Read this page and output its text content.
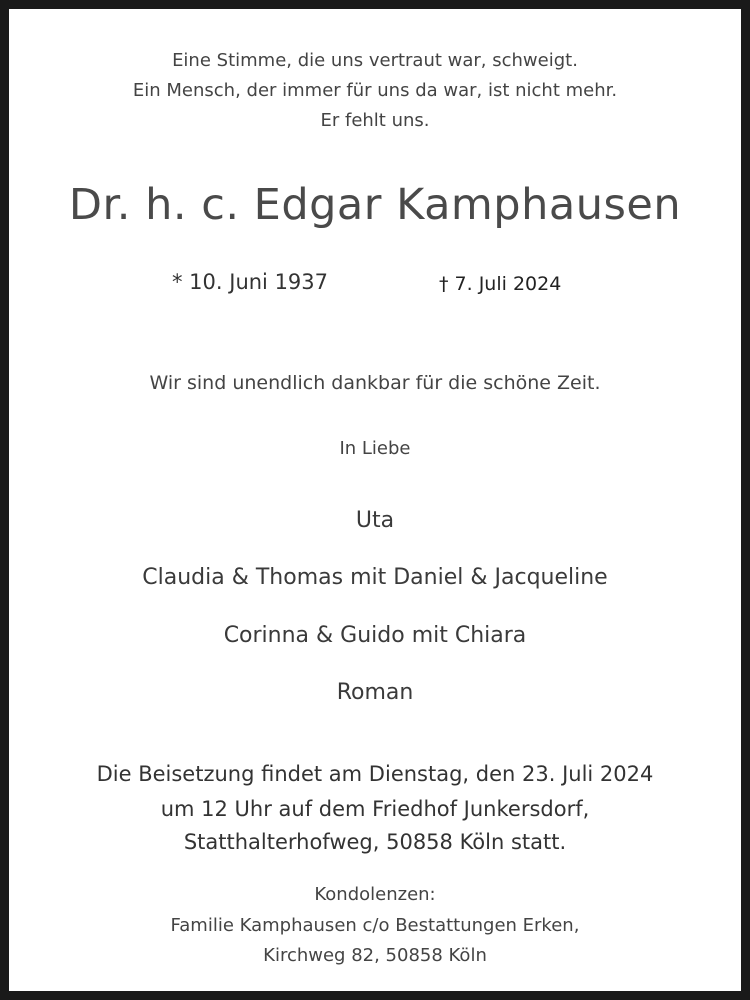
Eine Stimme, die uns vertraut war, schweigt.
Ein Mensch, der immer für uns da war, ist nicht mehr.
Er fehlt uns.
Dr. h. c. Edgar Kamphausen
* 10. Juni 1937	† 7. Juli 2024
Wir sind unendlich dankbar für die schöne Zeit.
In Liebe
Uta
Claudia & Thomas mit Daniel & Jacqueline
Corinna & Guido mit Chiara
Roman
Die Beisetzung findet am Dienstag, den 23. Juli 2024
um 12 Uhr auf dem Friedhof Junkersdorf,
Statthalterhofweg, 50858 Köln statt.
Kondolenzen:
Familie Kamphausen c/o Bestattungen Erken,
Kirchweg 82, 50858 Köln
